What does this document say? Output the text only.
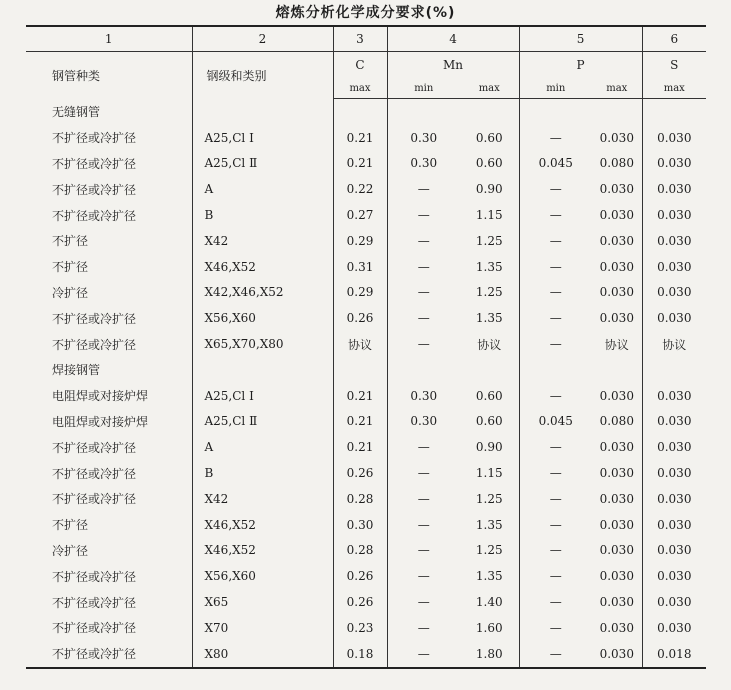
熔炼分析化学成分要求(%)
1	2	3	4		5		6
钢管种类	钢级和类别	C	Mn		P		S
		max	min	max	min	max	max
无缝钢管							
不扩径或冷扩径	A25,Cl Ⅰ	0.21	0.30	0.60	—	0.030	0.030
不扩径或冷扩径	A25,Cl Ⅱ	0.21	0.30	0.60	0.045	0.080	0.030
不扩径或冷扩径	A	0.22	—	0.90	—	0.030	0.030
不扩径或冷扩径	B	0.27	—	1.15	—	0.030	0.030
不扩径	X42	0.29	—	1.25	—	0.030	0.030
不扩径	X46,X52	0.31	—	1.35	—	0.030	0.030
冷扩径	X42,X46,X52	0.29	—	1.25	—	0.030	0.030
不扩径或冷扩径	X56,X60	0.26	—	1.35	—	0.030	0.030
不扩径或冷扩径	X65,X70,X80	协议	—	协议	—	协议	协议
焊接钢管							
电阻焊或对接炉焊	A25,Cl Ⅰ	0.21	0.30	0.60	—	0.030	0.030
电阻焊或对接炉焊	A25,Cl Ⅱ	0.21	0.30	0.60	0.045	0.080	0.030
不扩径或冷扩径	A	0.21	—	0.90	—	0.030	0.030
不扩径或冷扩径	B	0.26	—	1.15	—	0.030	0.030
不扩径或冷扩径	X42	0.28	—	1.25	—	0.030	0.030
不扩径	X46,X52	0.30	—	1.35	—	0.030	0.030
冷扩径	X46,X52	0.28	—	1.25	—	0.030	0.030
不扩径或冷扩径	X56,X60	0.26	—	1.35	—	0.030	0.030
不扩径或冷扩径	X65	0.26	—	1.40	—	0.030	0.030
不扩径或冷扩径	X70	0.23	—	1.60	—	0.030	0.030
不扩径或冷扩径	X80	0.18	—	1.80	—	0.030	0.018
